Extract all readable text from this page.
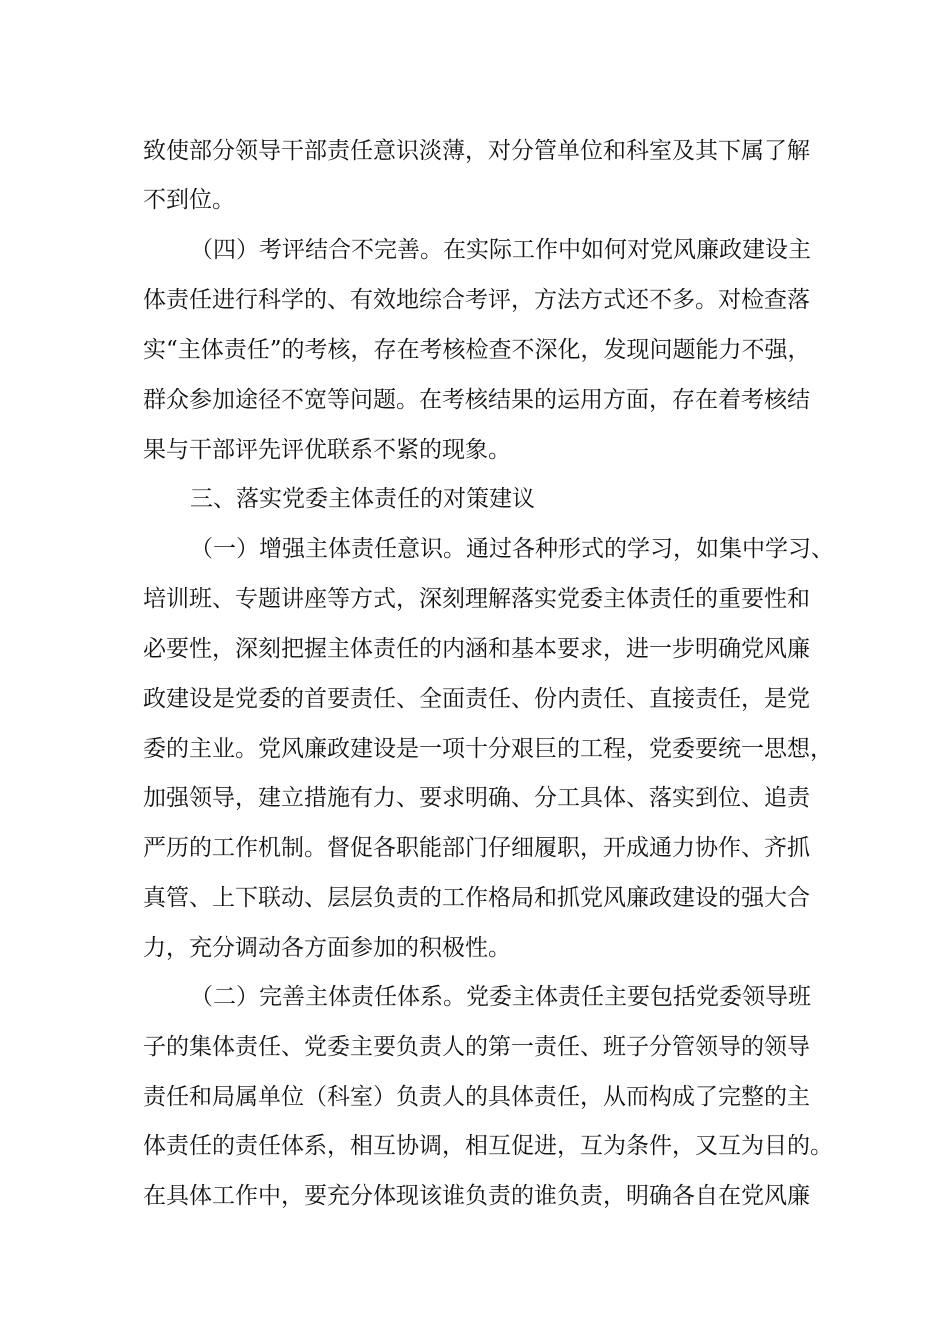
致使部分领导干部责任意识淡薄，对分管单位和科室及其下属了解
不到位。
（四）考评结合不完善。在实际工作中如何对党风廉政建设主
体责任进行科学的、有效地综合考评，方法方式还不多。对检查落
实“主体责任”的考核，存在考核检查不深化，发现问题能力不强，
群众参加途径不宽等问题。在考核结果的运用方面，存在着考核结
果与干部评先评优联系不紧的现象。
三、落实党委主体责任的对策建议
（一）增强主体责任意识。通过各种形式的学习，如集中学习、
培训班、专题讲座等方式，深刻理解落实党委主体责任的重要性和
必要性，深刻把握主体责任的内涵和基本要求，进一步明确党风廉
政建设是党委的首要责任、全面责任、份内责任、直接责任，是党
委的主业。党风廉政建设是一项十分艰巨的工程，党委要统一思想，
加强领导，建立措施有力、要求明确、分工具体、落实到位、追责
严历的工作机制。督促各职能部门仔细履职，开成通力协作、齐抓
真管、上下联动、层层负责的工作格局和抓党风廉政建设的强大合
力，充分调动各方面参加的积极性。
（二）完善主体责任体系。党委主体责任主要包括党委领导班
子的集体责任、党委主要负责人的第一责任、班子分管领导的领导
责任和局属单位（科室）负责人的具体责任，从而构成了完整的主
体责任的责任体系，相互协调，相互促进，互为条件，又互为目的。
在具体工作中，要充分体现该谁负责的谁负责，明确各自在党风廉
